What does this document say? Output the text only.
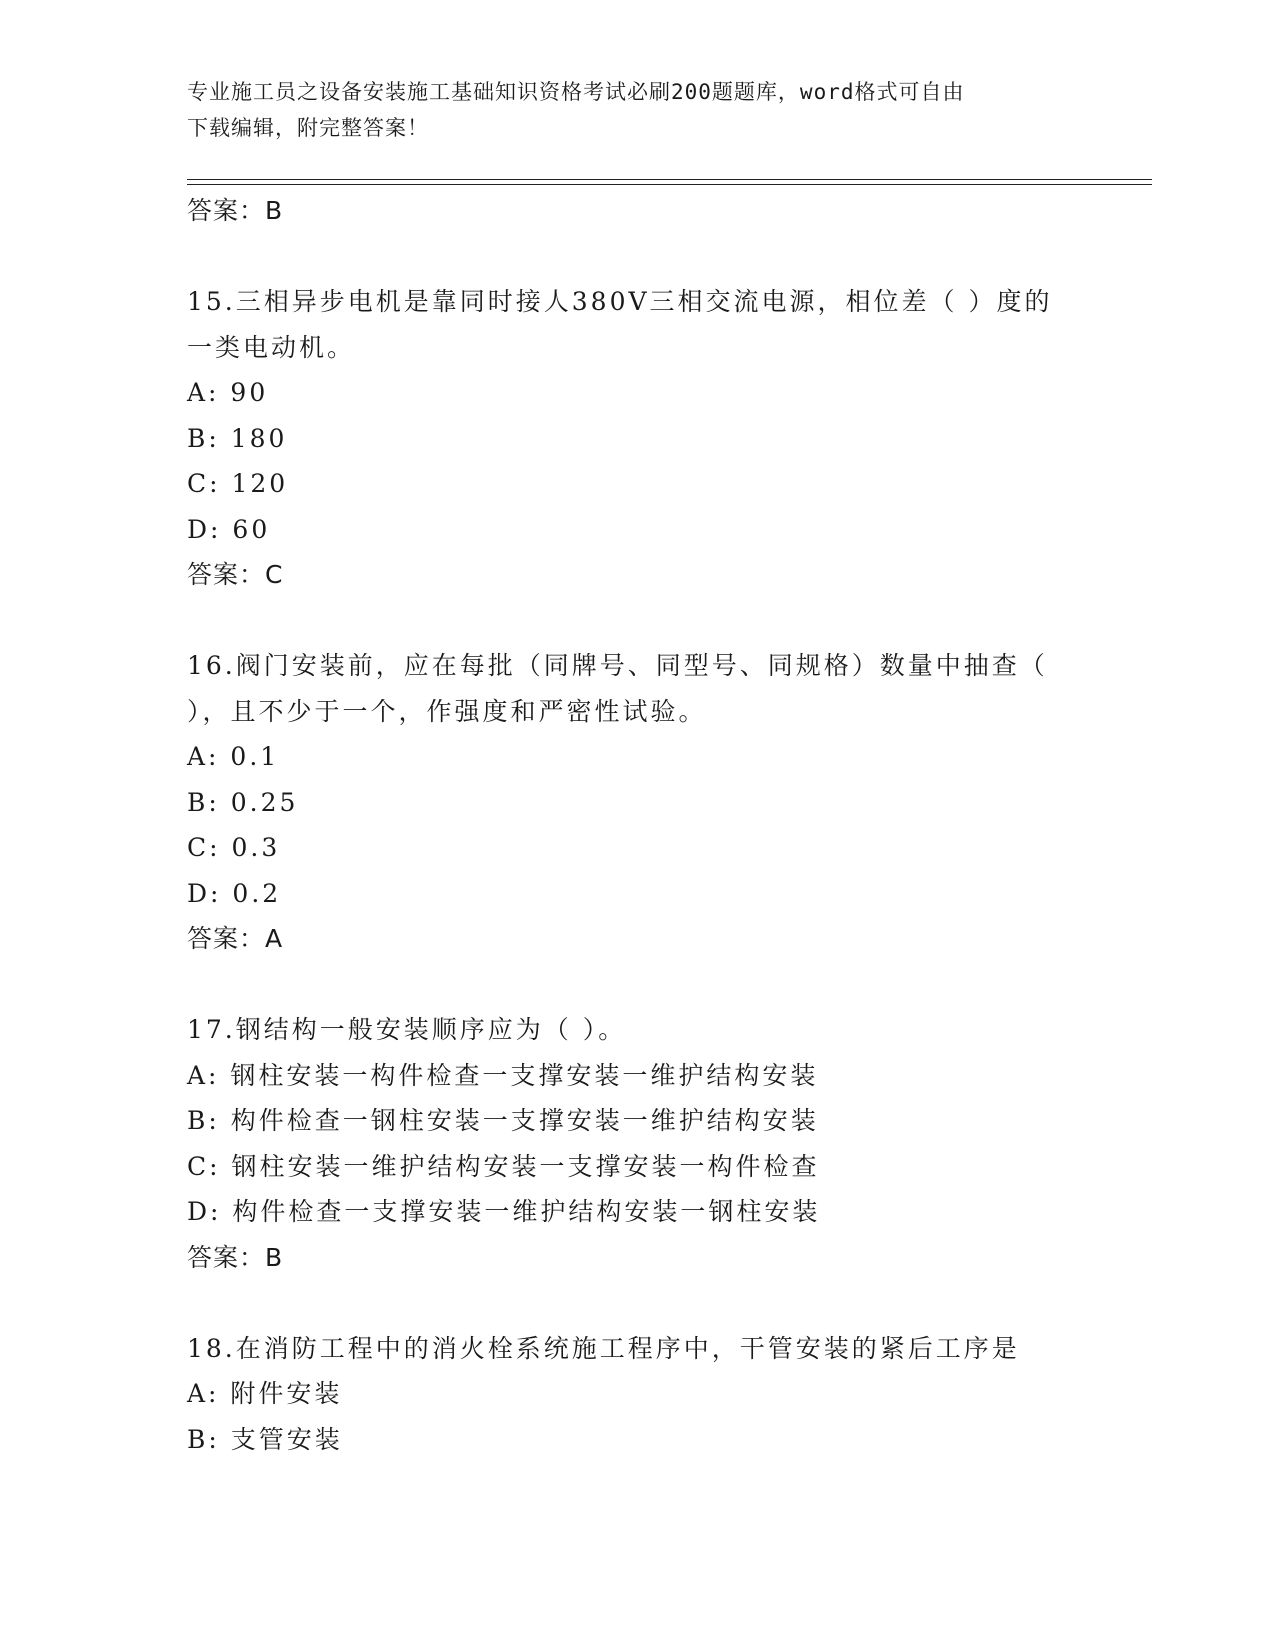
专业施工员之设备安装施工基础知识资格考试必刷200题题库，word格式可自由
下载编辑，附完整答案！
答案：B
15.三相异步电机是靠同时接人380V三相交流电源，相位差（ ）度的
一类电动机。
A: 90
B: 180
C: 120
D: 60
答案：C
16.阀门安装前，应在每批（同牌号、同型号、同规格）数量中抽查（
），且不少于一个，作强度和严密性试验。
A: 0.1
B: 0.25
C: 0.3
D: 0.2
答案：A
17.钢结构一般安装顺序应为（ ）。
A: 钢柱安装一构件检查一支撑安装一维护结构安装
B: 构件检查一钢柱安装一支撑安装一维护结构安装
C: 钢柱安装一维护结构安装一支撑安装一构件检查
D: 构件检查一支撑安装一维护结构安装一钢柱安装
答案：B
18.在消防工程中的消火栓系统施工程序中，干管安装的紧后工序是
A: 附件安装
B: 支管安装
